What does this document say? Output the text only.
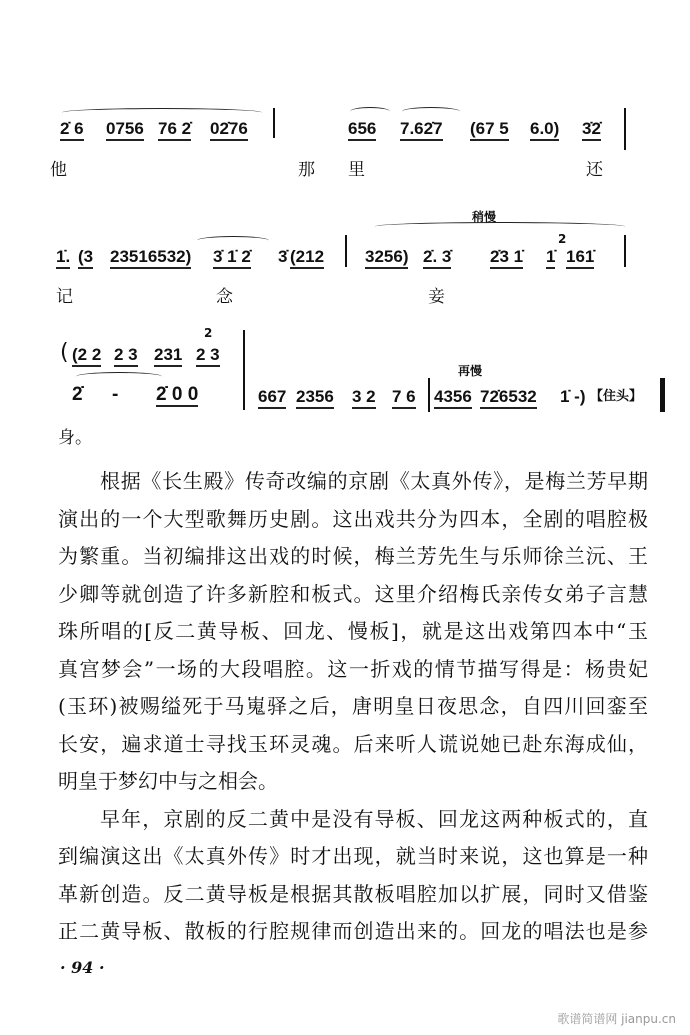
2̇ 6 0756 76 2̇ 02̇76	656 7.62̇7 (67 5 6.0) 3̇2̇
他	那 里	还
稍慢
1̇. (3 23516532) 3̇ 1̇ 2̇ 3̇ (212 3256) 2̇. 3̇ 2̇3 1̇ 1̇
2
161̇
记	念	妾
( (2 2 2 3 231
2
2 3
2̇ - 2̇ 0 0
再慢
667 2356 3 2 7 6 4356 72̇6532 1̇ -) 【住头】
身。
根据《长生殿》传奇改编的京剧《太真外传》，是梅兰芳早期
演出的一个大型歌舞历史剧。这出戏共分为四本，全剧的唱腔极
为繁重。当初编排这出戏的时候，梅兰芳先生与乐师徐兰沅、王
少卿等就创造了许多新腔和板式。这里介绍梅氏亲传女弟子言慧
珠所唱的[反二黄导板、回龙、慢板]，就是这出戏第四本中“玉
真宫梦会”一场的大段唱腔。这一折戏的情节描写得是：杨贵妃
(玉环)被赐缢死于马嵬驿之后，唐明皇日夜思念，自四川回銮至
长安，遍求道士寻找玉环灵魂。后来听人谎说她已赴东海成仙，
明皇于梦幻中与之相会。
早年，京剧的反二黄中是没有导板、回龙这两种板式的，直
到编演这出《太真外传》时才出现，就当时来说，这也算是一种
革新创造。反二黄导板是根据其散板唱腔加以扩展，同时又借鉴
正二黄导板、散板的行腔规律而创造出来的。回龙的唱法也是参
· 94 ·
歌谱简谱网 jianpu.cn
